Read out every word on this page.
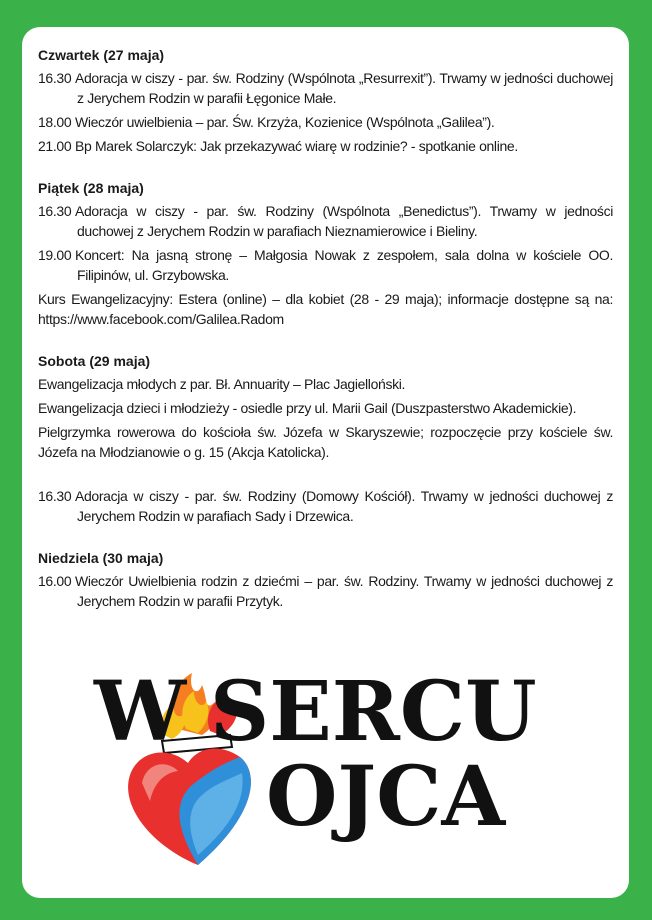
Czwartek (27 maja)
16.30 Adoracja w ciszy - par. św. Rodziny (Wspólnota „Resurrexit”). Trwamy w jedności duchowej z Jerychem Rodzin w parafii Łęgonice Małe.
18.00 Wieczór uwielbienia – par. Św. Krzyża, Kozienice (Wspólnota „Galilea”).
21.00 Bp Marek Solarczyk: Jak przekazywać wiarę w rodzinie? - spotkanie online.
Piątek (28 maja)
16.30 Adoracja w ciszy - par. św. Rodziny (Wspólnota „Benedictus”). Trwamy w jedności duchowej z Jerychem Rodzin w parafiach Nieznamierowice i Bieliny.
19.00 Koncert: Na jasną stronę – Małgosia Nowak z zespołem, sala dolna w kościele OO. Filipinów, ul. Grzybowska.
Kurs Ewangelizacyjny: Estera (online) – dla kobiet (28 - 29 maja); informacje dostępne są na: https://www.facebook.com/Galilea.Radom
Sobota (29 maja)
Ewangelizacja młodych z par. Bł. Annuarity – Plac Jagielloński.
Ewangelizacja dzieci i młodzieży - osiedle przy ul. Marii Gail (Duszpasterstwo Akademickie).
Pielgrzymka rowerowa do kościoła św. Józefa w Skaryszewie; rozpoczęcie przy kościele św. Józefa na Młodzianowie o g. 15 (Akcja Katolicka).
16.30 Adoracja w ciszy - par. św. Rodziny (Domowy Kościół). Trwamy w jedności duchowej z Jerychem Rodzin w parafiach Sady i Drzewica.
Niedziela (30 maja)
16.00 Wieczór Uwielbienia rodzin z dziećmi – par. św. Rodziny. Trwamy w jedności duchowej z Jerychem Rodzin w parafii Przytyk.
W SERCU
OJCA
